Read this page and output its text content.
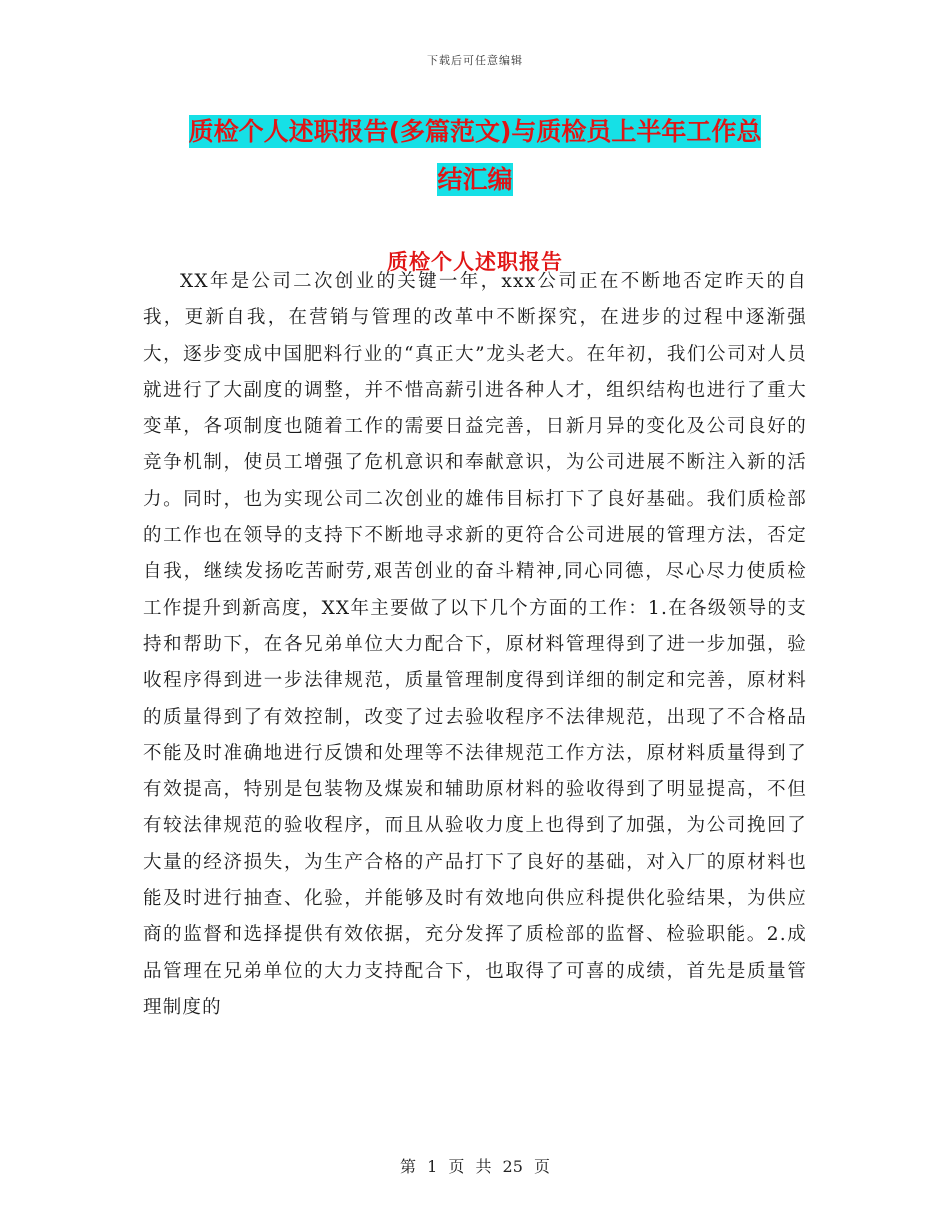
下载后可任意编辑
质检个人述职报告(多篇范文)与质检员上半年工作总
结汇编
质检个人述职报告

XX年是公司二次创业的关键一年，xxx公司正在不断地否定昨天的自我，更新自我，在营销与管理的改革中不断探究，在进步的过程中逐渐强大，逐步变成中国肥料行业的“真正大”龙头老大。在年初，我们公司对人员就进行了大副度的调整，并不惜高薪引进各种人才，组织结构也进行了重大变革，各项制度也随着工作的需要日益完善，日新月异的变化及公司良好的竞争机制，使员工增强了危机意识和奉献意识，为公司进展不断注入新的活力。同时，也为实现公司二次创业的雄伟目标打下了良好基础。我们质检部的工作也在领导的支持下不断地寻求新的更符合公司进展的管理方法，否定自我，继续发扬吃苦耐劳,艰苦创业的奋斗精神,同心同德，尽心尽力使质检工作提升到新高度，XX年主要做了以下几个方面的工作：1.在各级领导的支持和帮助下，在各兄弟单位大力配合下，原材料管理得到了进一步加强，验收程序得到进一步法律规范，质量管理制度得到详细的制定和完善，原材料的质量得到了有效控制，改变了过去验收程序不法律规范，出现了不合格品不能及时准确地进行反馈和处理等不法律规范工作方法，原材料质量得到了有效提高，特别是包装物及煤炭和辅助原材料的验收得到了明显提高，不但有较法律规范的验收程序，而且从验收力度上也得到了加强，为公司挽回了大量的经济损失，为生产合格的产品打下了良好的基础，对入厂的原材料也能及时进行抽查、化验，并能够及时有效地向供应科提供化验结果，为供应商的监督和选择提供有效依据，充分发挥了质检部的监督、检验职能。2.成品管理在兄弟单位的大力支持配合下，也取得了可喜的成绩，首先是质量管理制度的

第 1 页 共 25 页
